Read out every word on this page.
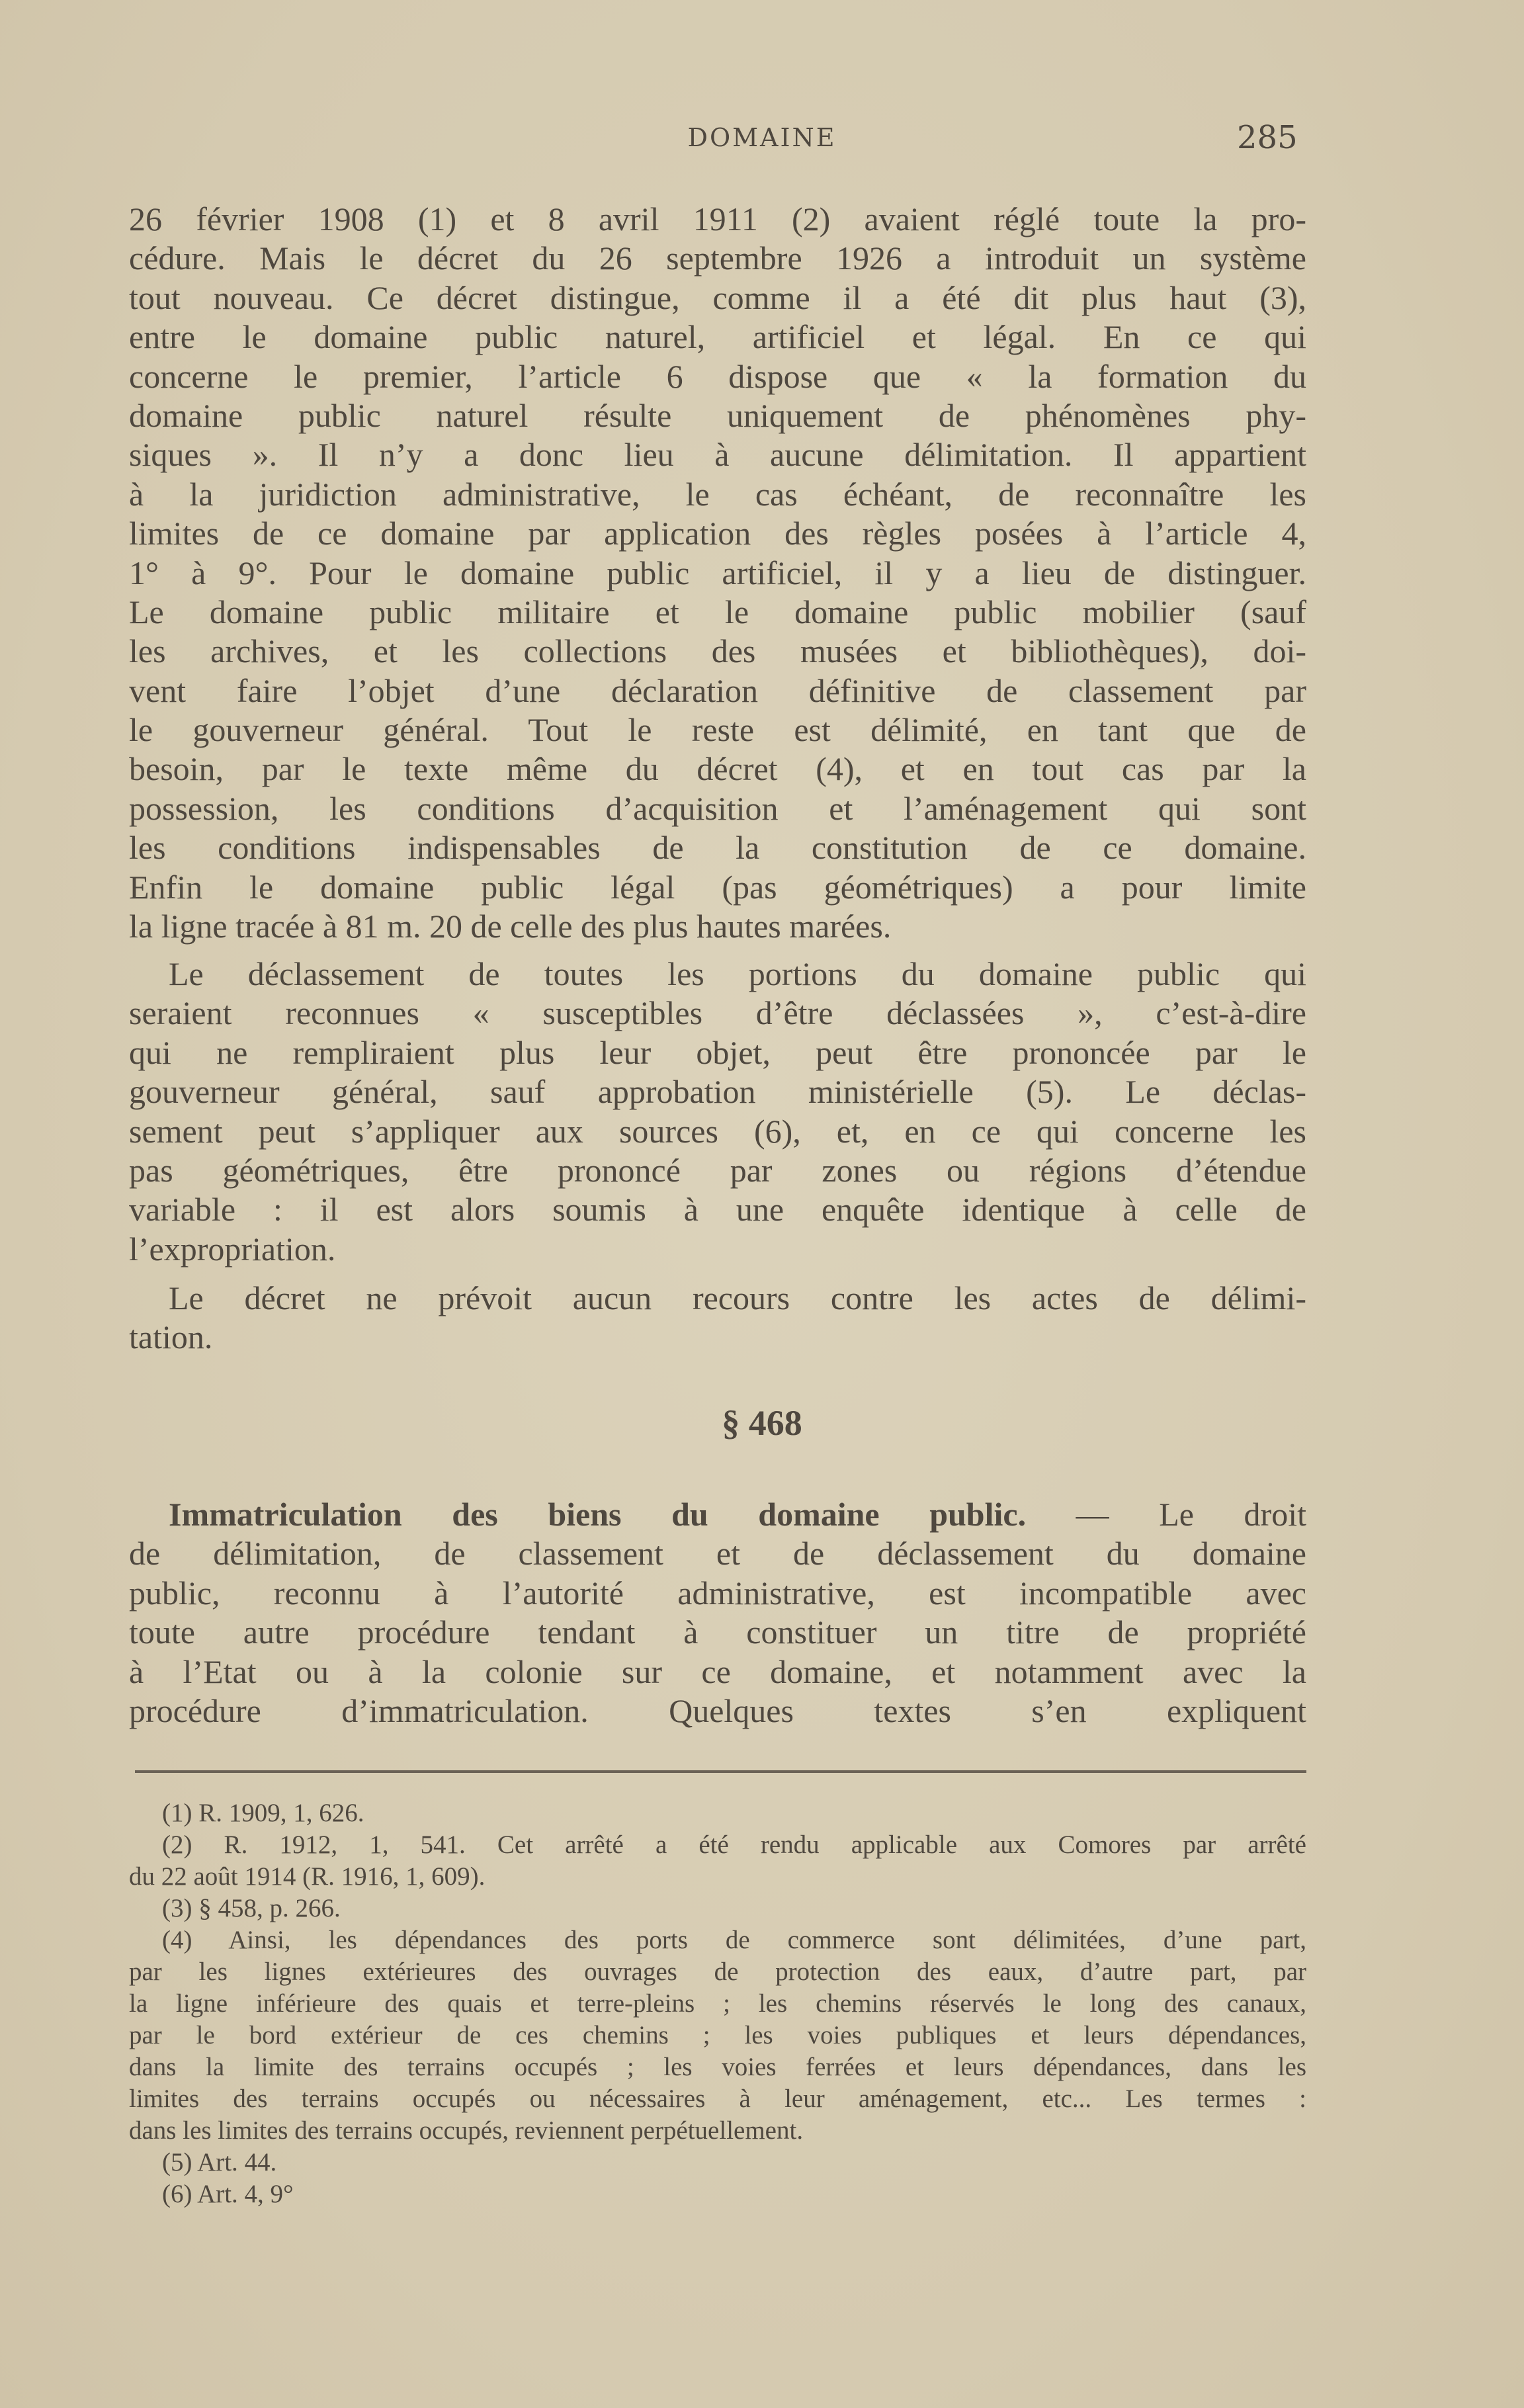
DOMAINE	285
26 février 1908 (1) et 8 avril 1911 (2) avaient réglé toute la pro-
cédure. Mais le décret du 26 septembre 1926 a introduit un système
tout nouveau. Ce décret distingue, comme il a été dit plus haut (3),
entre le domaine public naturel, artificiel et légal. En ce qui
concerne le premier, l’article 6 dispose que « la formation du
domaine public naturel résulte uniquement de phénomènes phy-
siques ». Il n’y a donc lieu à aucune délimitation. Il appartient
à la juridiction administrative, le cas échéant, de reconnaître les
limites de ce domaine par application des règles posées à l’article 4,
1° à 9°. Pour le domaine public artificiel, il y a lieu de distinguer.
Le domaine public militaire et le domaine public mobilier (sauf
les archives, et les collections des musées et bibliothèques), doi-
vent faire l’objet d’une déclaration définitive de classement par
le gouverneur général. Tout le reste est délimité, en tant que de
besoin, par le texte même du décret (4), et en tout cas par la
possession, les conditions d’acquisition et l’aménagement qui sont
les conditions indispensables de la constitution de ce domaine.
Enfin le domaine public légal (pas géométriques) a pour limite
la ligne tracée à 81 m. 20 de celle des plus hautes marées.
Le déclassement de toutes les portions du domaine public qui
seraient reconnues « susceptibles d’être déclassées », c’est-à-dire
qui ne rempliraient plus leur objet, peut être prononcée par le
gouverneur général, sauf approbation ministérielle (5). Le déclas-
sement peut s’appliquer aux sources (6), et, en ce qui concerne les
pas géométriques, être prononcé par zones ou régions d’étendue
variable : il est alors soumis à une enquête identique à celle de
l’expropriation.
Le décret ne prévoit aucun recours contre les actes de délimi-
tation.
§ 468
Immatriculation des biens du domaine public. — Le droit
de délimitation, de classement et de déclassement du domaine
public, reconnu à l’autorité administrative, est incompatible avec
toute autre procédure tendant à constituer un titre de propriété
à l’Etat ou à la colonie sur ce domaine, et notamment avec la
procédure d’immatriculation. Quelques textes s’en expliquent
(1) R. 1909, 1, 626.
(2) R. 1912, 1, 541. Cet arrêté a été rendu applicable aux Comores par arrêté
du 22 août 1914 (R. 1916, 1, 609).
(3) § 458, p. 266.
(4) Ainsi, les dépendances des ports de commerce sont délimitées, d’une part,
par les lignes extérieures des ouvrages de protection des eaux, d’autre part, par
la ligne inférieure des quais et terre-pleins ; les chemins réservés le long des canaux,
par le bord extérieur de ces chemins ; les voies publiques et leurs dépendances,
dans la limite des terrains occupés ; les voies ferrées et leurs dépendances, dans les
limites des terrains occupés ou nécessaires à leur aménagement, etc... Les termes :
dans les limites des terrains occupés, reviennent perpétuellement.
(5) Art. 44.
(6) Art. 4, 9°
